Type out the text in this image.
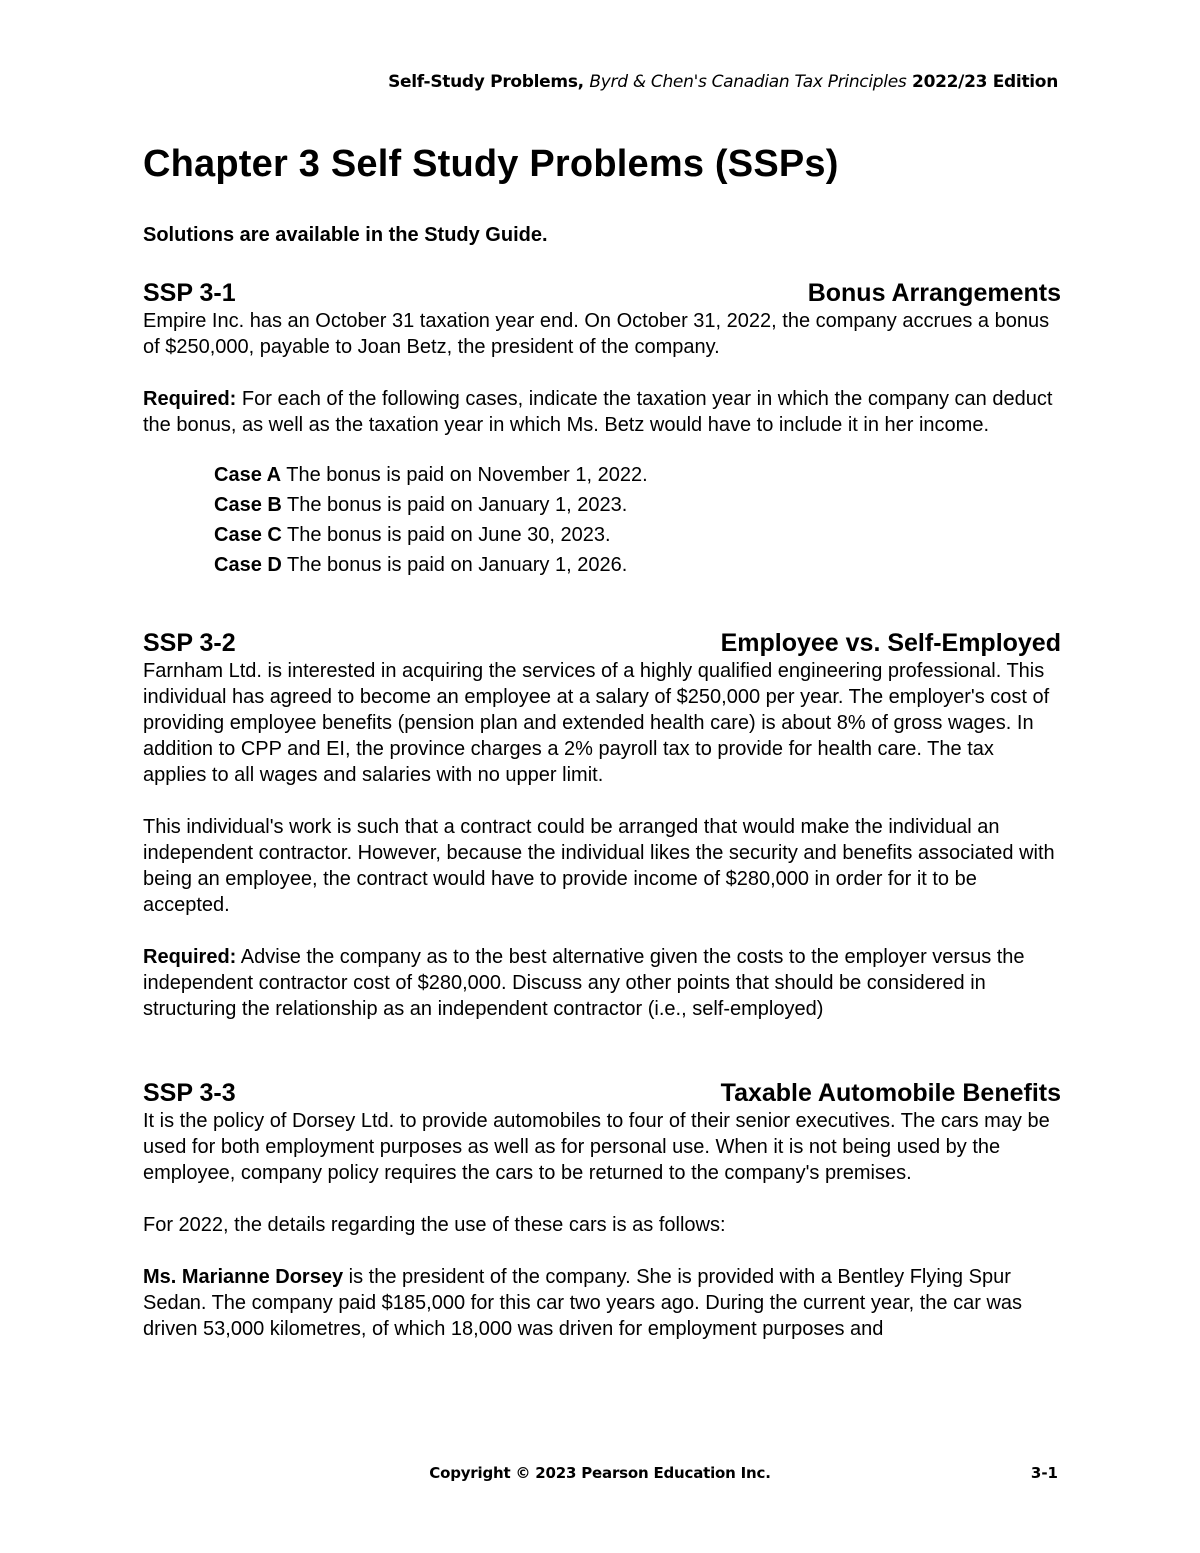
Self-Study Problems, Byrd & Chen's Canadian Tax Principles 2022/23 Edition
Chapter 3 Self Study Problems (SSPs)

Solutions are available in the Study Guide.

SSP 3-1	Bonus Arrangements

Empire Inc. has an October 31 taxation year end. On October 31, 2022, the company accrues a bonus of $250,000, payable to Joan Betz, the president of the company.

Required: For each of the following cases, indicate the taxation year in which the company can deduct the bonus, as well as the taxation year in which Ms. Betz would have to include it in her income.

Case A The bonus is paid on November 1, 2022.
Case B The bonus is paid on January 1, 2023.
Case C The bonus is paid on June 30, 2023.
Case D The bonus is paid on January 1, 2026.
SSP 3-2	Employee vs. Self-Employed

Farnham Ltd. is interested in acquiring the services of a highly qualified engineering professional. This individual has agreed to become an employee at a salary of $250,000 per year. The employer's cost of providing employee benefits (pension plan and extended health care) is about 8% of gross wages. In addition to CPP and EI, the province charges a 2% payroll tax to provide for health care. The tax applies to all wages and salaries with no upper limit.

This individual's work is such that a contract could be arranged that would make the individual an independent contractor. However, because the individual likes the security and benefits associated with being an employee, the contract would have to provide income of $280,000 in order for it to be accepted.

Required: Advise the company as to the best alternative given the costs to the employer versus the independent contractor cost of $280,000. Discuss any other points that should be considered in structuring the relationship as an independent contractor (i.e., self-employed)

SSP 3-3	Taxable Automobile Benefits

It is the policy of Dorsey Ltd. to provide automobiles to four of their senior executives. The cars may be used for both employment purposes as well as for personal use. When it is not being used by the employee, company policy requires the cars to be returned to the company's premises.

For 2022, the details regarding the use of these cars is as follows:

Ms. Marianne Dorsey is the president of the company. She is provided with a Bentley Flying Spur Sedan. The company paid $185,000 for this car two years ago. During the current year, the car was driven 53,000 kilometres, of which 18,000 was driven for employment purposes and

Copyright © 2023 Pearson Education Inc.	3-1
